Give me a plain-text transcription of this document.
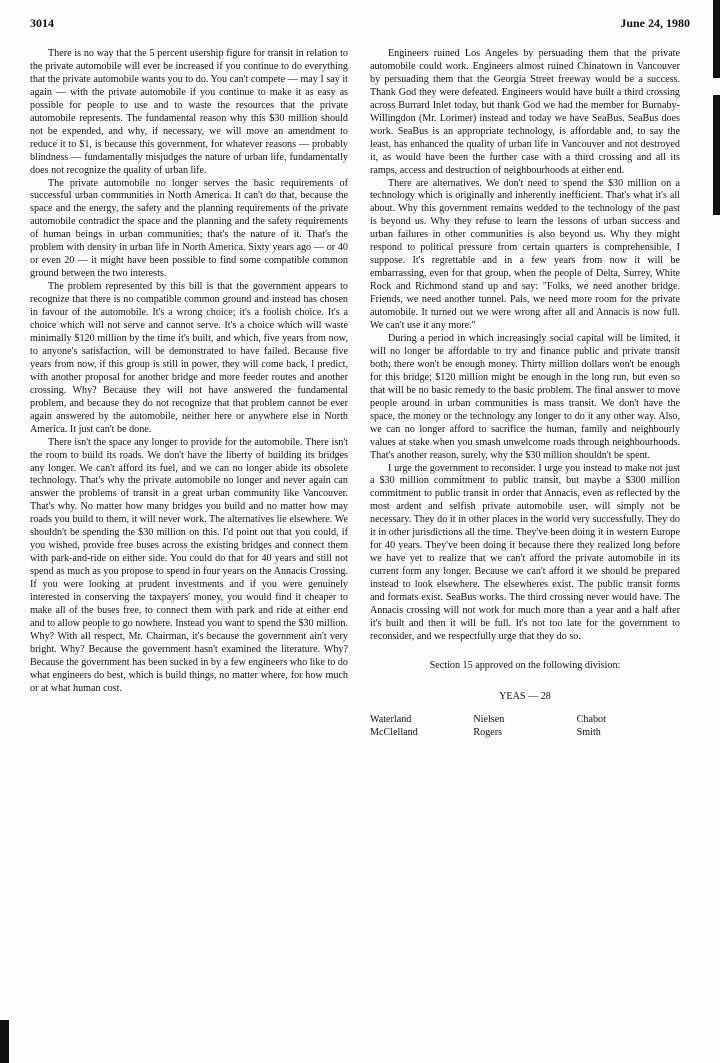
3014	June 24, 1980

There is no way that the 5 percent usership figure for transit in relation to the private automobile will ever be increased if you continue to do everything that the private automobile wants you to do. You can't compete — may I say it again — with the private automobile if you continue to make it as easy as possible for people to use and to waste the resources that the private automobile represents. The fundamental reason why this $30 million should not be expended, and why, if necessary, we will move an amendment to reduce it to $1, is because this government, for whatever reasons — probably blindness — fundamentally misjudges the nature of urban life, fundamentally does not recognize the quality of urban life.

The private automobile no longer serves the basic requirements of successful urban communities in North America. It can't do that, because the space and the energy, the safety and the planning requirements of the private automobile contradict the space and the planning and the safety requirements of human beings in urban communities; that's the nature of it. That's the problem with density in urban life in North America. Sixty years ago — or 40 or even 20 — it might have been possible to find some compatible common ground between the two interests.

The problem represented by this bill is that the government appears to recognize that there is no compatible common ground and instead has chosen in favour of the automobile. It's a wrong choice; it's a foolish choice. It's a choice which will not serve and cannot serve. It's a choice which will waste minimally $120 million by the time it's built, and which, five years from now, to anyone's satisfaction, will be demonstrated to have failed. Because five years from now, if this group is still in power, they will come back, I predict, with another proposal for another bridge and more feeder routes and another crossing. Why? Because they will not have answered the fundamental problem, and because they do not recognize that that problem cannot be ever again answered by the automobile, neither here or anywhere else in North America. It just can't be done.

There isn't the space any longer to provide for the automobile. There isn't the room to build its roads. We don't have the liberty of building its bridges any longer. We can't afford its fuel, and we can no longer abide its obsolete technology. That's why the private automobile no longer and never again can answer the problems of transit in a great urban community like Vancouver. That's why. No matter how many bridges you build and no matter how may roads you build to them, it will never work. The alternatives lie elsewhere. We shouldn't be spending the $30 million on this. I'd point out that you could, if you wished, provide free buses across the existing bridges and connect them with park-and-ride on either side. You could do that for 40 years and still not spend as much as you propose to spend in four years on the Annacis Crossing. If you were looking at prudent investments and if you were genuinely interested in conserving the taxpayers' money, you would find it cheaper to make all of the buses free, to connect them with park and ride at either end and to allow people to go nowhere. Instead you want to spend the $30 million. Why? With all respect, Mr. Chairman, it's because the government ain't very bright. Why? Because the government hasn't examined the literature. Why? Because the government has been sucked in by a few engineers who like to do what engineers do best, which is build things, no matter where, for how much or at what human cost.

Engineers ruined Los Angeles by persuading them that the private automobile could work. Engineers almost ruined Chinatown in Vancouver by persuading them that the Georgia Street freeway would be a success. Thank God they were defeated. Engineers would have built a third crossing across Burrard Inlet today, but thank God we had the member for Burnaby-Willingdon (Mr. Lorimer) instead and today we have SeaBus. SeaBus does work. SeaBus is an appropriate technology, is affordable and, to say the least, has enhanced the quality of urban life in Vancouver and not destroyed it, as would have been the further case with a third crossing and all its ramps, access and destruction of neighbourhoods at either end.

There are alternatives. We don't need to spend the $30 million on a technology which is originally and inherently inefficient. That's what it's all about. Why this government remains wedded to the technology of the past is beyond us. Why they refuse to learn the lessons of urban success and urban failures in other communities is also beyond us. Why they might respond to political pressure from certain quarters is comprehensible, I suppose. It's regrettable and in a few years from now it will be embarrassing, even for that group, when the people of Delta, Surrey, White Rock and Richmond stand up and say: "Folks, we need another bridge. Friends, we need another tunnel. Pals, we need more room for the private automobile. It turned out we were wrong after all and Annacis is now full. We can't use it any more."

During a period in which increasingly social capital will be limited, it will no longer be affordable to try and finance public and private transit both; there won't be enough money. Thirty million dollars won't be enough for this bridge; $120 million might be enough in the long run, but even so that will be no basic remedy to the basic problem. The final answer to move people around in urban communities is mass transit. We don't have the space, the money or the technology any longer to do it any other way. Also, we can no longer afford to sacrifice the human, family and neighbourly values at stake when you smash unwelcome roads through neighbourhoods. That's another reason, surely, why the $30 million shouldn't be spent.

I urge the government to reconsider. I urge you instead to make not just a $30 million commitment to public transit, but maybe a $300 million commitment to public transit in order that Annacis, even as reflected by the most ardent and selfish private automobile user, will simply not be necessary. They do it in other places in the world very successfully. They do it in other jurisdictions all the time. They've been doing it in western Europe for 40 years. They've been doing it because there they realized long before we have yet to realize that we can't afford the private automobile in its current form any longer. Because we can't afford it we should be prepared instead to look elsewhere. The elsewheres exist. The public transit forms and formats exist. SeaBus works. The third crossing never would have. The Annacis crossing will not work for much more than a year and a half after it's built and then it will be full. It's not too late for the government to reconsider, and we respectfully urge that they do so.

Section 15 approved on the following division:

YEAS — 28
Waterland	Nielsen	Chabot
McClelland	Rogers	Smith
